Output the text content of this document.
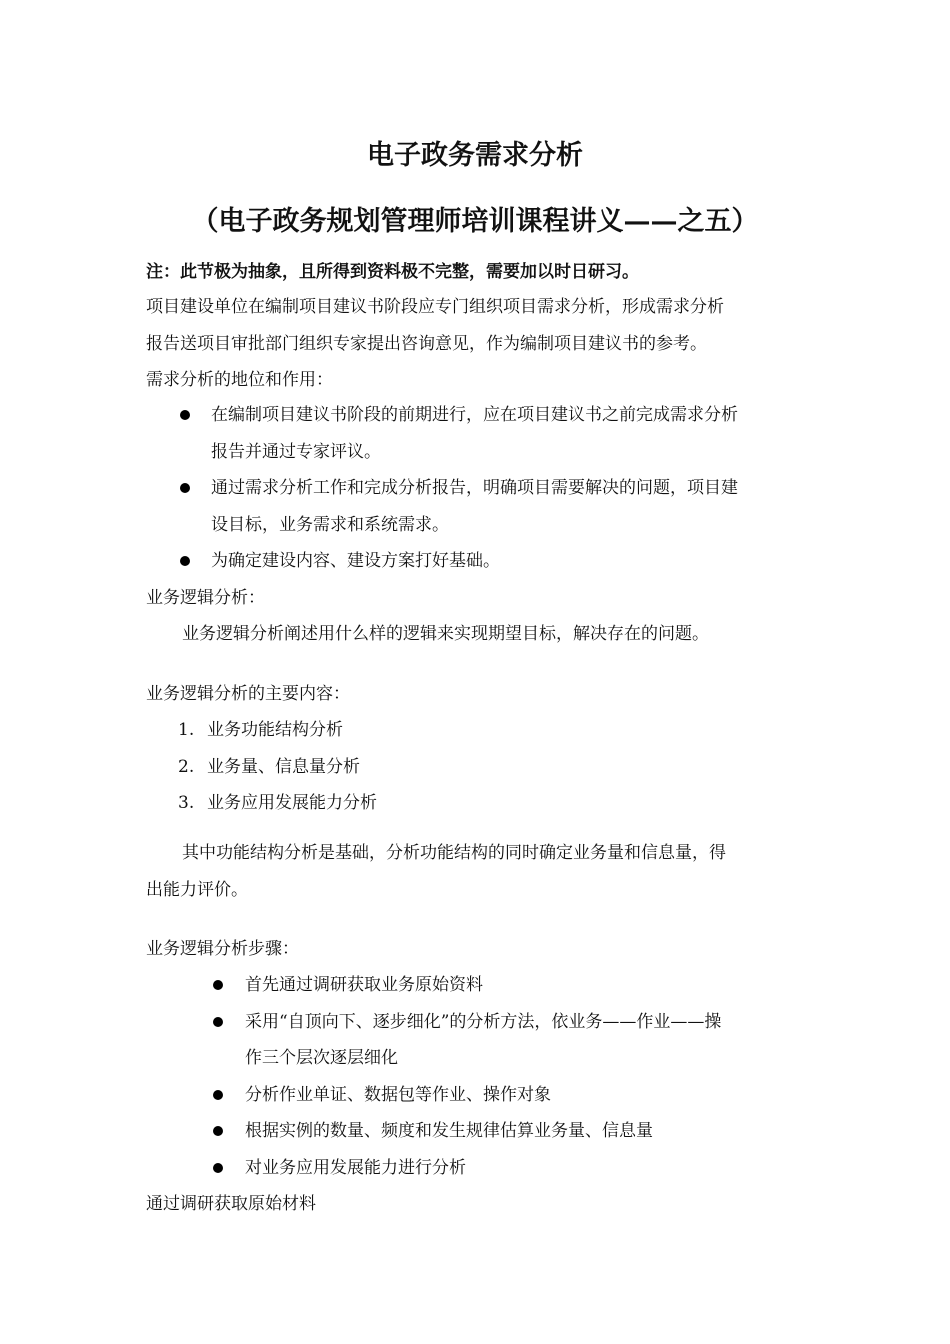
电子政务需求分析
（电子政务规划管理师培训课程讲义——之五）
注：此节极为抽象，且所得到资料极不完整，需要加以时日研习。
项目建设单位在编制项目建议书阶段应专门组织项目需求分析，形成需求分析
报告送项目审批部门组织专家提出咨询意见，作为编制项目建议书的参考。
需求分析的地位和作用：
在编制项目建议书阶段的前期进行，应在项目建议书之前完成需求分析
报告并通过专家评议。
通过需求分析工作和完成分析报告，明确项目需要解决的问题，项目建
设目标，业务需求和系统需求。
为确定建设内容、建设方案打好基础。
业务逻辑分析：
业务逻辑分析阐述用什么样的逻辑来实现期望目标，解决存在的问题。
业务逻辑分析的主要内容：
1. 业务功能结构分析
2. 业务量、信息量分析
3. 业务应用发展能力分析
其中功能结构分析是基础，分析功能结构的同时确定业务量和信息量，得
出能力评价。
业务逻辑分析步骤：
首先通过调研获取业务原始资料
采用“自顶向下、逐步细化”的分析方法，依业务——作业——操
作三个层次逐层细化
分析作业单证、数据包等作业、操作对象
根据实例的数量、频度和发生规律估算业务量、信息量
对业务应用发展能力进行分析
通过调研获取原始材料
